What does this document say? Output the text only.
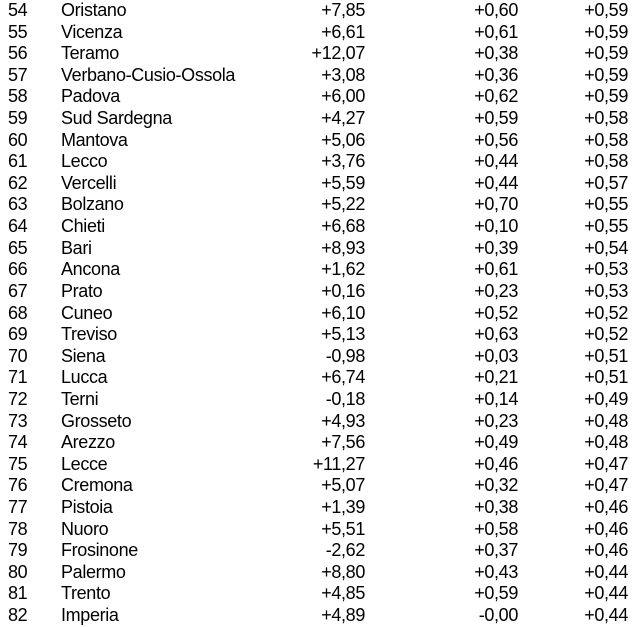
54	Oristano	+7,85	+0,60	+0,59
55	Vicenza	+6,61	+0,61	+0,59
56	Teramo	+12,07	+0,38	+0,59
57	Verbano-Cusio-Ossola	+3,08	+0,36	+0,59
58	Padova	+6,00	+0,62	+0,59
59	Sud Sardegna	+4,27	+0,59	+0,58
60	Mantova	+5,06	+0,56	+0,58
61	Lecco	+3,76	+0,44	+0,58
62	Vercelli	+5,59	+0,44	+0,57
63	Bolzano	+5,22	+0,70	+0,55
64	Chieti	+6,68	+0,10	+0,55
65	Bari	+8,93	+0,39	+0,54
66	Ancona	+1,62	+0,61	+0,53
67	Prato	+0,16	+0,23	+0,53
68	Cuneo	+6,10	+0,52	+0,52
69	Treviso	+5,13	+0,63	+0,52
70	Siena	-0,98	+0,03	+0,51
71	Lucca	+6,74	+0,21	+0,51
72	Terni	-0,18	+0,14	+0,49
73	Grosseto	+4,93	+0,23	+0,48
74	Arezzo	+7,56	+0,49	+0,48
75	Lecce	+11,27	+0,46	+0,47
76	Cremona	+5,07	+0,32	+0,47
77	Pistoia	+1,39	+0,38	+0,46
78	Nuoro	+5,51	+0,58	+0,46
79	Frosinone	-2,62	+0,37	+0,46
80	Palermo	+8,80	+0,43	+0,44
81	Trento	+4,85	+0,59	+0,44
82	Imperia	+4,89	-0,00	+0,44
